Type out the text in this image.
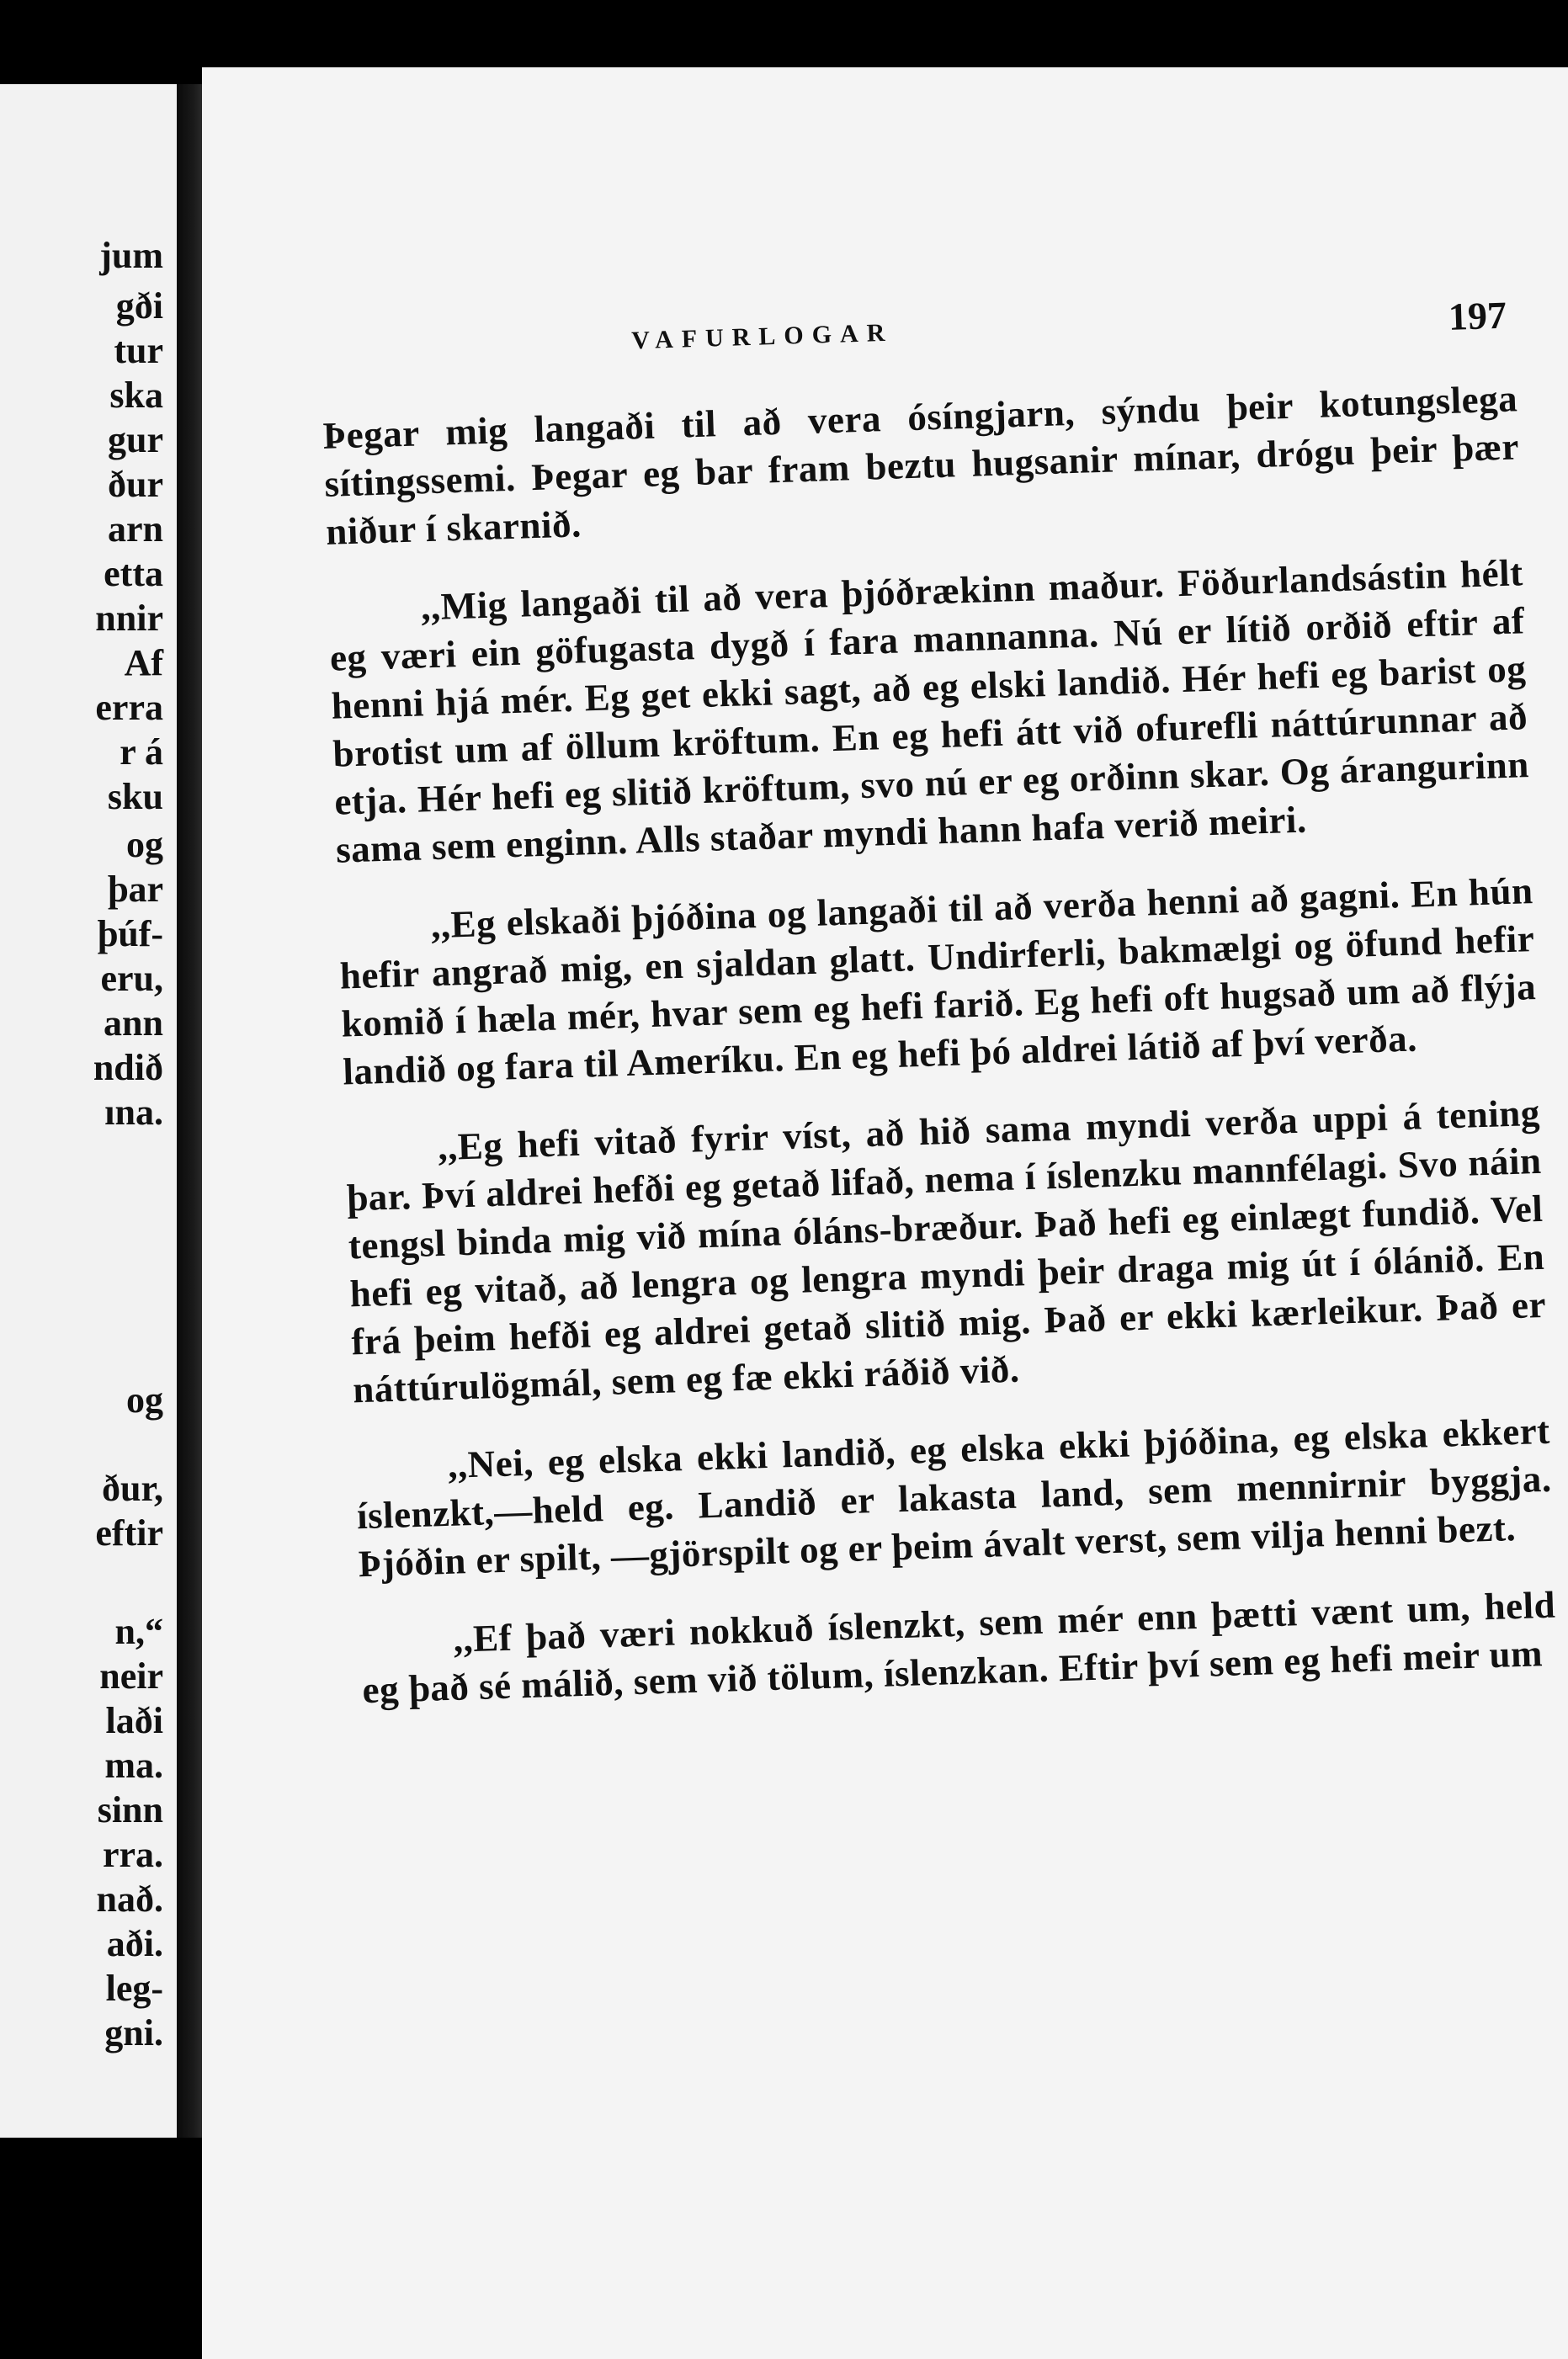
jum
gði
tur
ska
gur
ður
arn
etta
nnir
Af
erra
r á
sku
og
þar
þúf-
eru,
ann
ndið
ına.
og
ður,
eftir
n,“
neir
laði
ma.
sinn
rra.
nað.
aði.
leg-
gni.
VAFURLOGAR	197

Þegar mig langaði til að vera ósíngjarn, sýndu þeir kotungslega sítingssemi. Þegar eg bar fram beztu hugsanir mínar, drógu þeir þær niður í skarnið.

,,Mig langaði til að vera þjóðrækinn maður. Föðurlandsástin hélt eg væri ein göfugasta dygð í fara mannanna. Nú er lítið orðið eftir af henni hjá mér. Eg get ekki sagt, að eg elski landið. Hér hefi eg barist og brotist um af öllum kröftum. En eg hefi átt við ofurefli náttúrunnar að etja. Hér hefi eg slitið kröftum, svo nú er eg orðinn skar. Og árangurinn sama sem enginn. Alls staðar myndi hann hafa verið meiri.

,,Eg elskaði þjóðina og langaði til að verða henni að gagni. En hún hefir angrað mig, en sjaldan glatt. Undirferli, bakmælgi og öfund hefir komið í hæla mér, hvar sem eg hefi farið. Eg hefi oft hugsað um að flýja landið og fara til Ameríku. En eg hefi þó aldrei látið af því verða.

,,Eg hefi vitað fyrir víst, að hið sama myndi verða uppi á tening þar. Því aldrei hefði eg getað lifað, nema í íslenzku mannfélagi. Svo náin tengsl binda mig við mína óláns-bræður. Það hefi eg einlægt fundið. Vel hefi eg vitað, að lengra og lengra myndi þeir draga mig út í ólánið. En frá þeim hefði eg aldrei getað slitið mig. Það er ekki kærleikur. Það er náttúrulögmál, sem eg fæ ekki ráðið við.

,,Nei, eg elska ekki landið, eg elska ekki þjóðina, eg elska ekkert íslenzkt,—held eg. Landið er lakasta land, sem mennirnir byggja. Þjóðin er spilt, —gjörspilt og er þeim ávalt verst, sem vilja henni bezt.

,,Ef það væri nokkuð íslenzkt, sem mér enn þætti vænt um, held eg það sé málið, sem við tölum, íslenzkan. Eftir því sem eg hefi meir um
